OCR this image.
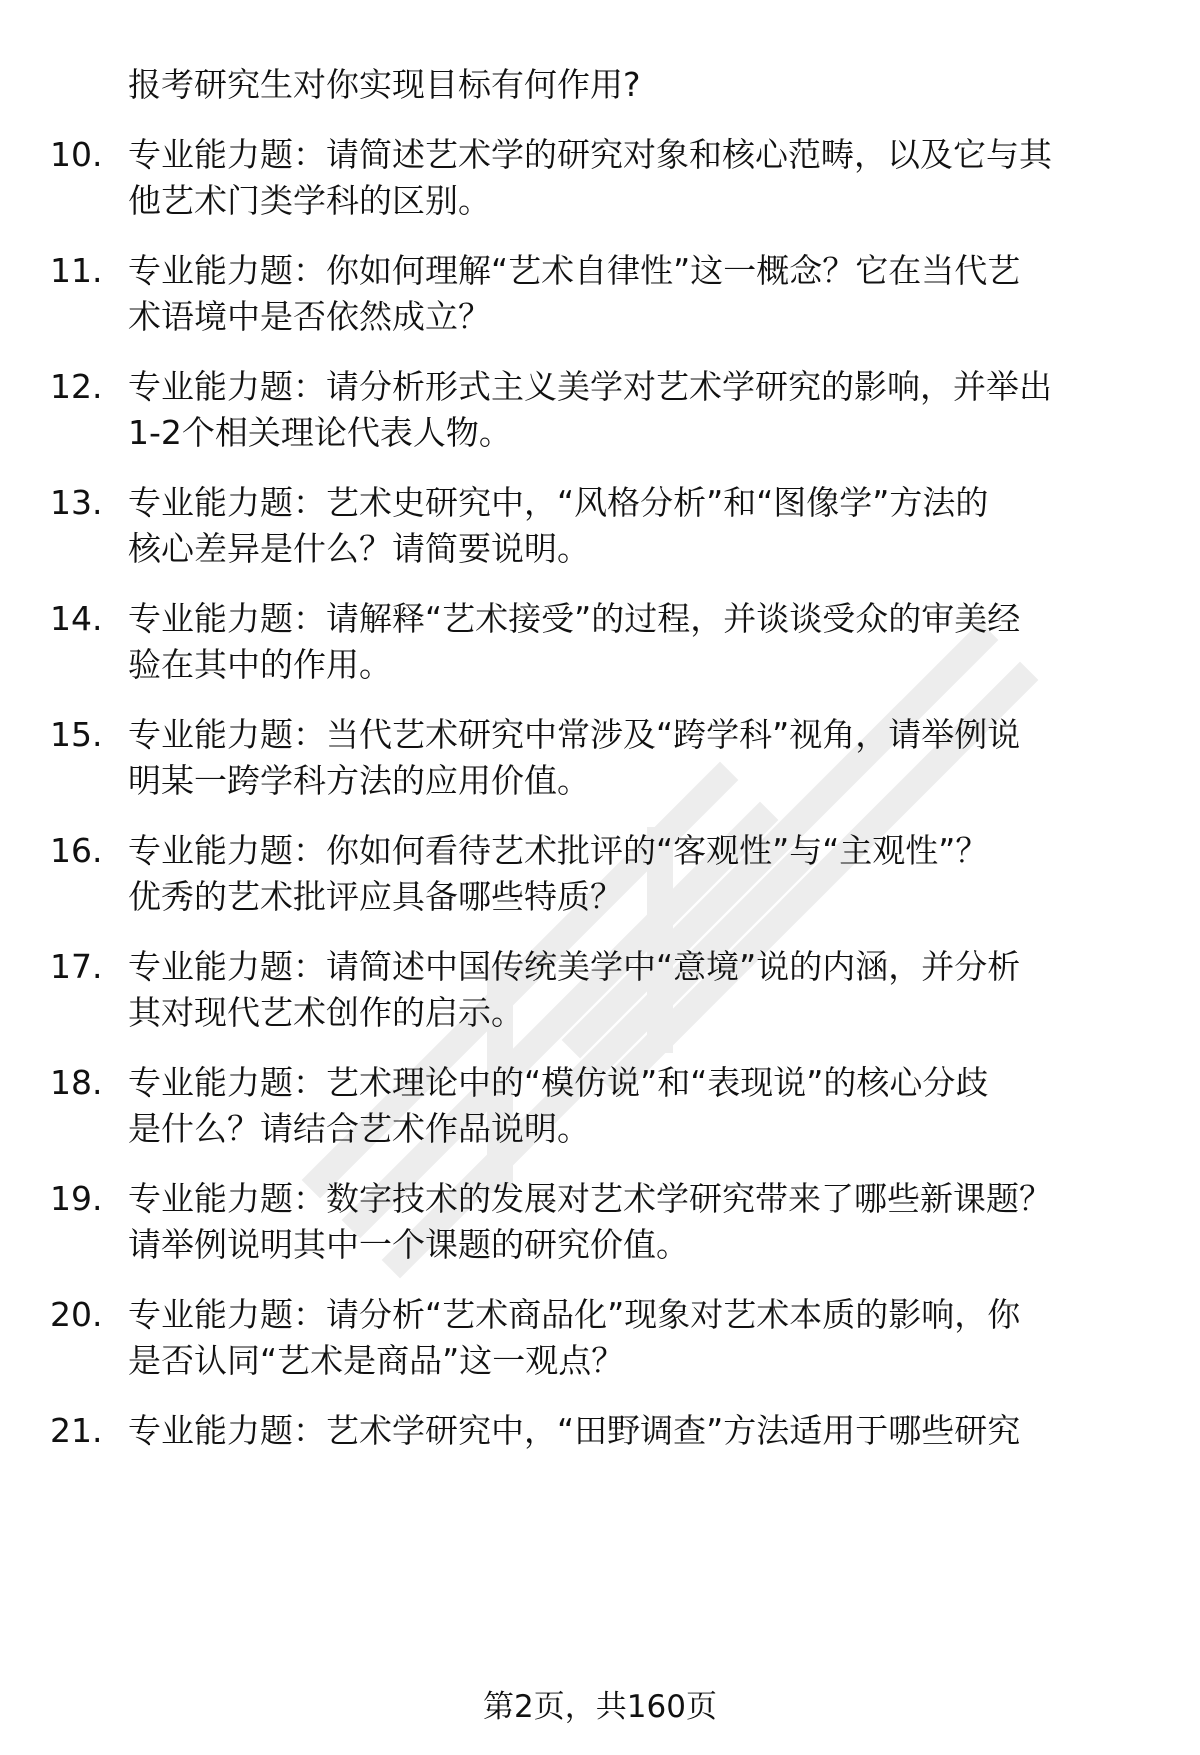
报考研究生对你实现目标有何作用?
10. 专业能力题：请简述艺术学的研究对象和核心范畴，以及它与其
他艺术门类学科的区别。
11. 专业能力题：你如何理解“艺术自律性”这一概念？它在当代艺
术语境中是否依然成立？
12. 专业能力题：请分析形式主义美学对艺术学研究的影响，并举出
1-2个相关理论代表人物。
13. 专业能力题：艺术史研究中，“风格分析”和“图像学”方法的
核心差异是什么？请简要说明。
14. 专业能力题：请解释“艺术接受”的过程，并谈谈受众的审美经
验在其中的作用。
15. 专业能力题：当代艺术研究中常涉及“跨学科”视角，请举例说
明某一跨学科方法的应用价值。
16. 专业能力题：你如何看待艺术批评的“客观性”与“主观性”？
优秀的艺术批评应具备哪些特质？
17. 专业能力题：请简述中国传统美学中“意境”说的内涵，并分析
其对现代艺术创作的启示。
18. 专业能力题：艺术理论中的“模仿说”和“表现说”的核心分歧
是什么？请结合艺术作品说明。
19. 专业能力题：数字技术的发展对艺术学研究带来了哪些新课题？
请举例说明其中一个课题的研究价值。
20. 专业能力题：请分析“艺术商品化”现象对艺术本质的影响，你
是否认同“艺术是商品”这一观点？
21. 专业能力题：艺术学研究中，“田野调查”方法适用于哪些研究
第2页，共160页
